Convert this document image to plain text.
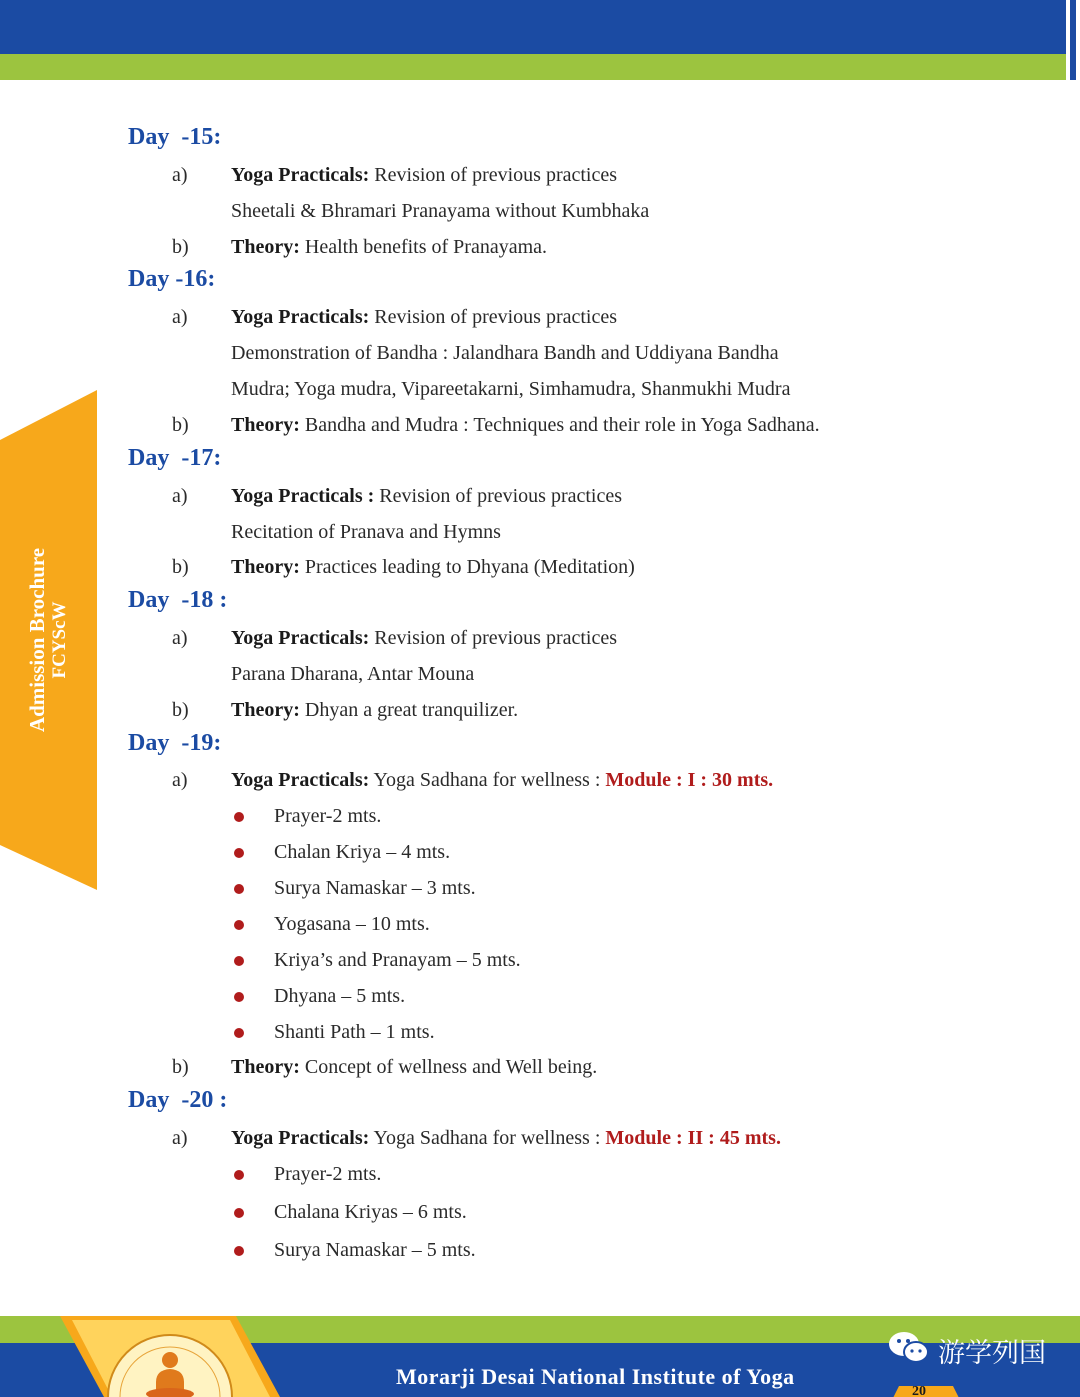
Admission Brochure FCYScW
Day  -15:
a) Yoga Practicals: Revision of previous practices
Sheetali & Bhramari Pranayama without Kumbhaka
b) Theory: Health benefits of Pranayama.
Day -16:
a) Yoga Practicals: Revision of previous practices
Demonstration of Bandha : Jalandhara Bandh and Uddiyana Bandha
Mudra; Yoga mudra, Vipareetakarni, Simhamudra, Shanmukhi Mudra
b) Theory: Bandha and Mudra : Techniques and their role in Yoga Sadhana.
Day  -17:
a) Yoga Practicals : Revision of previous practices
Recitation of Pranava and Hymns
b) Theory: Practices leading to Dhyana (Meditation)
Day  -18 :
a) Yoga Practicals: Revision of previous practices
Parana Dharana, Antar Mouna
b) Theory: Dhyan a great tranquilizer.
Day  -19:
a) Yoga Practicals: Yoga Sadhana for wellness : Module : I : 30 mts.
Prayer-2 mts.
Chalan Kriya – 4 mts.
Surya Namaskar – 3 mts.
Yogasana – 10 mts.
Kriya’s and Pranayam – 5 mts.
Dhyana – 5 mts.
Shanti Path – 1 mts.
b) Theory: Concept of wellness and Well being.
Day  -20 :
a) Yoga Practicals: Yoga Sadhana for wellness : Module : II : 45 mts.
Prayer-2 mts.
Chalana Kriyas – 6 mts.
Surya Namaskar – 5 mts.
Morarji Desai National Institute of Yoga
游学列国
20
